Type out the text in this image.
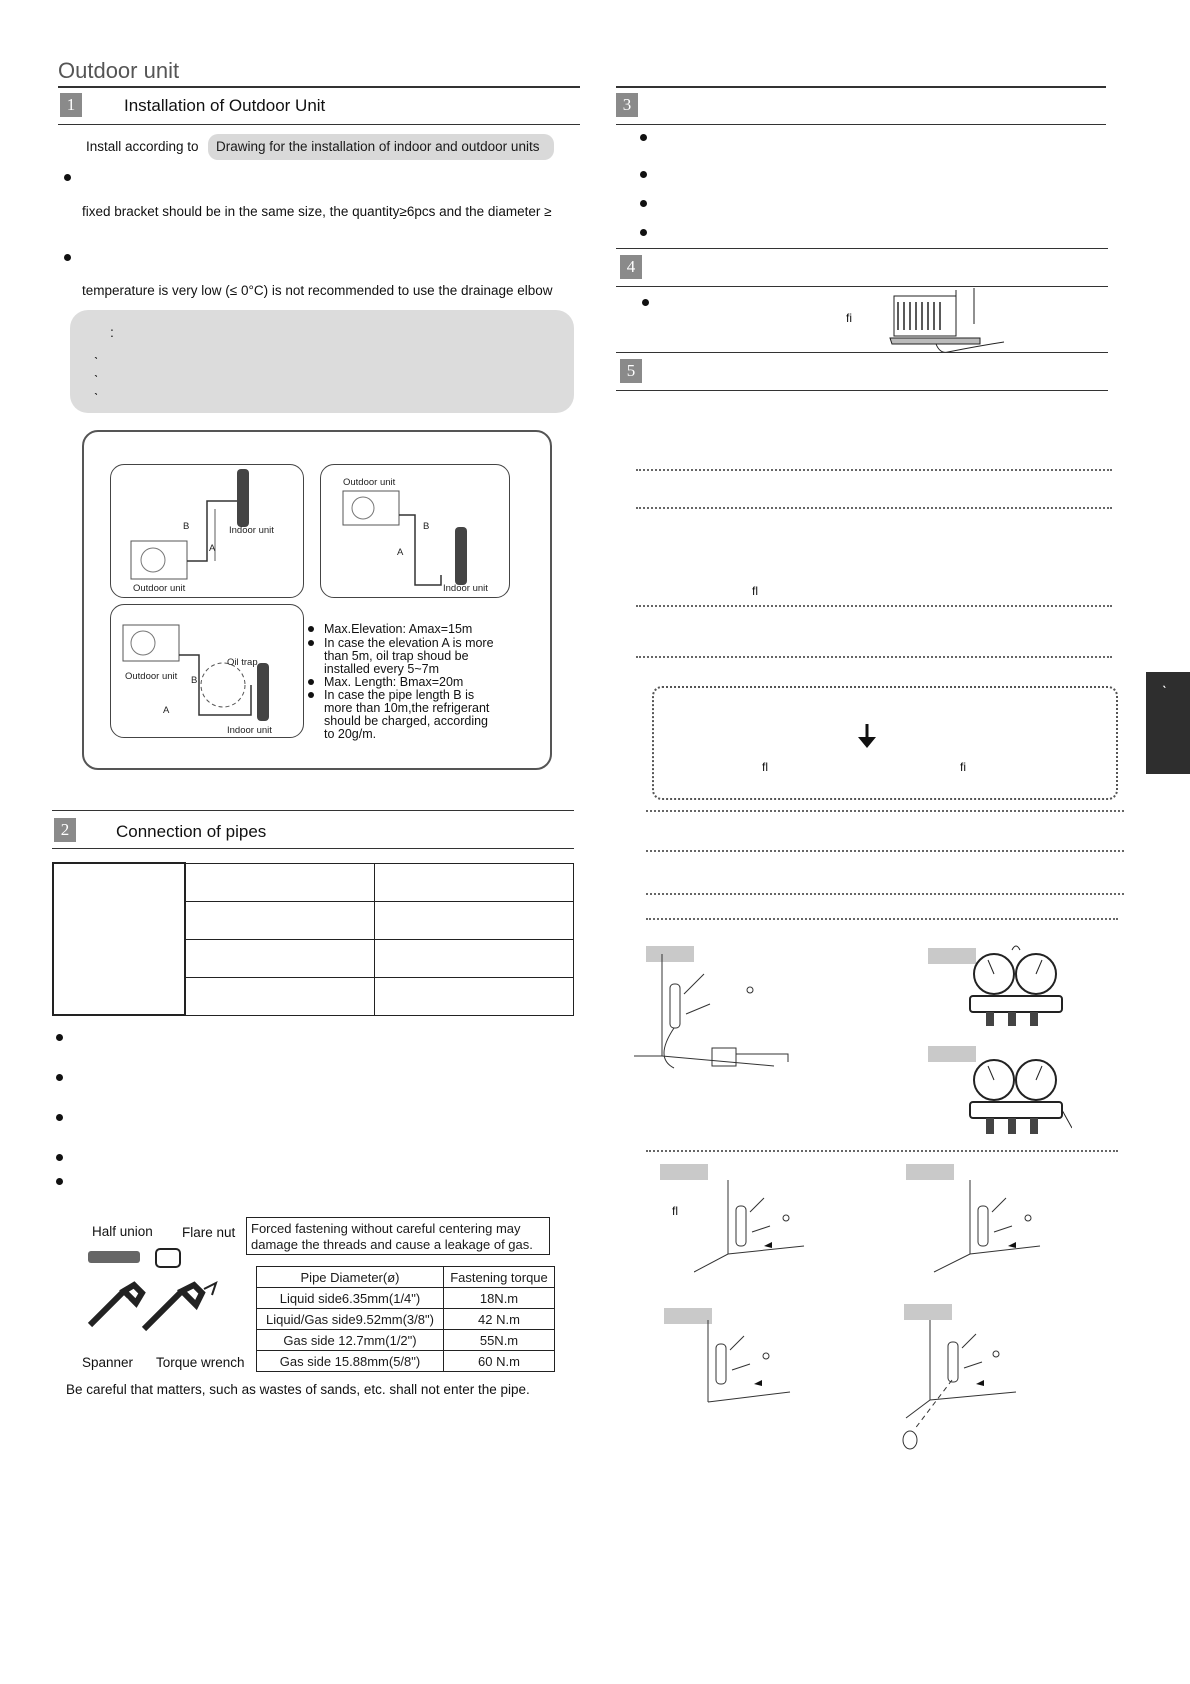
Outdoor unit
1	Installation of Outdoor Unit
Install according to	Drawing for the installation of indoor and outdoor units
fixed bracket should be in the same size, the quantity≥6pcs and the diameter ≥
temperature is very low (≤ 0°C) is not recommended to use the drainage elbow
:
ˎ
ˎ
ˎ
Indoor unit
Outdoor unit
B
A
Outdoor unit
Indoor unit
B
A
Outdoor unit
Oil trap
Indoor unit
B
A
Max.Elevation: Amax=15m
In case the elevation A is more
than 5m, oil trap shoud be
installed every 5~7m
Max. Length: Bmax=20m
In case the pipe length B is
more than 10m,the refrigerant
should be charged, according
to 20g/m.
2	Connection of pipes

Half union Flare nut
Spanner Torque wrench
Forced fastening without careful centering may damage the threads and cause a leakage of gas.
Pipe Diameter(ø)	Fastening torque
Liquid side6.35mm(1/4")	18N.m
Liquid/Gas side9.52mm(3/8")	42 N.m
Gas side 12.7mm(1/2")	55N.m
Gas side 15.88mm(5/8")	60 N.m
Be careful that matters, such as wastes of sands, etc. shall not enter the pipe.
3
4
fi
5
fl
fl	fi
fl
ˎ
